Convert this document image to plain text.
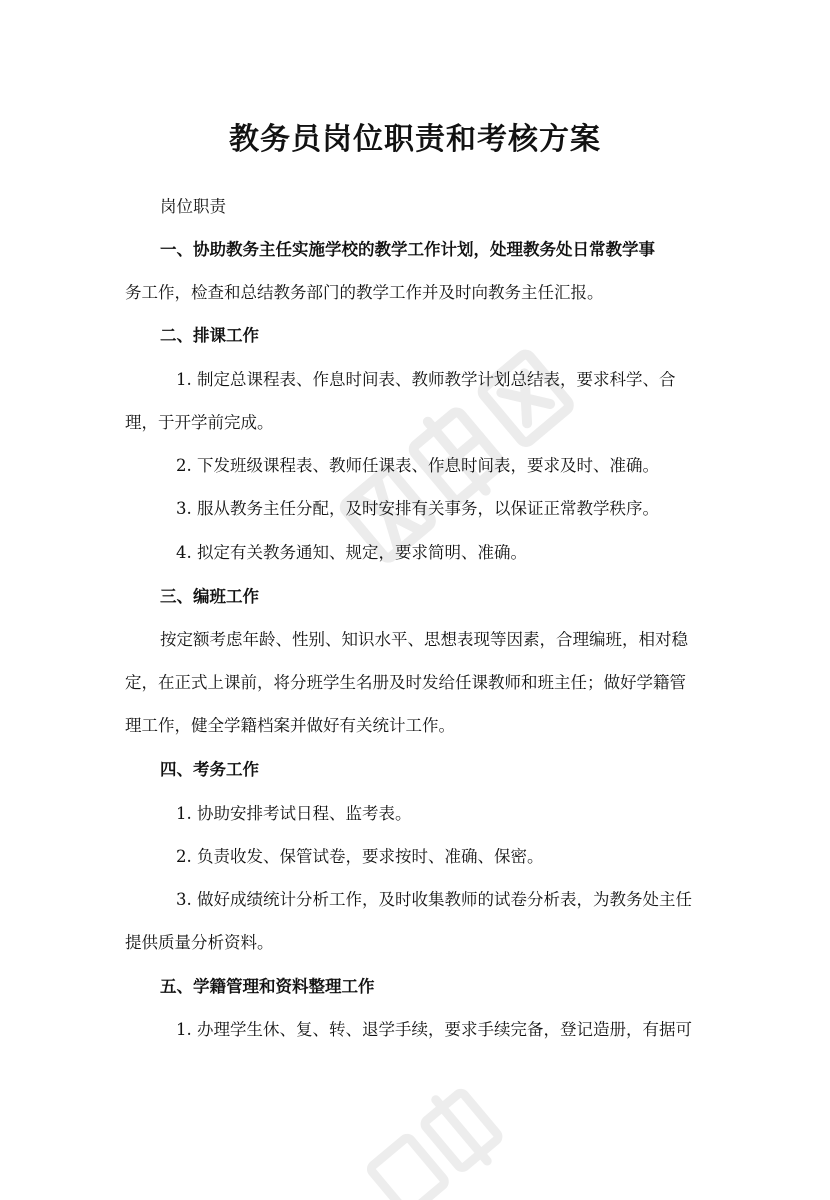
教务员岗位职责和考核方案
岗位职责
一、协助教务主任实施学校的教学工作计划，处理教务处日常教学事
务工作，检查和总结教务部门的教学工作并及时向教务主任汇报。
二、排课工作
1. 制定总课程表、作息时间表、教师教学计划总结表，要求科学、合
理，于开学前完成。
2. 下发班级课程表、教师任课表、作息时间表，要求及时、准确。
3. 服从教务主任分配，及时安排有关事务，以保证正常教学秩序。
4. 拟定有关教务通知、规定，要求简明、准确。
三、编班工作
按定额考虑年龄、性别、知识水平、思想表现等因素，合理编班，相对稳
定，在正式上课前，将分班学生名册及时发给任课教师和班主任；做好学籍管
理工作，健全学籍档案并做好有关统计工作。
四、考务工作
1. 协助安排考试日程、监考表。
2. 负责收发、保管试卷，要求按时、准确、保密。
3. 做好成绩统计分析工作，及时收集教师的试卷分析表，为教务处主任
提供质量分析资料。
五、学籍管理和资料整理工作
1. 办理学生休、复、转、退学手续，要求手续完备，登记造册，有据可
